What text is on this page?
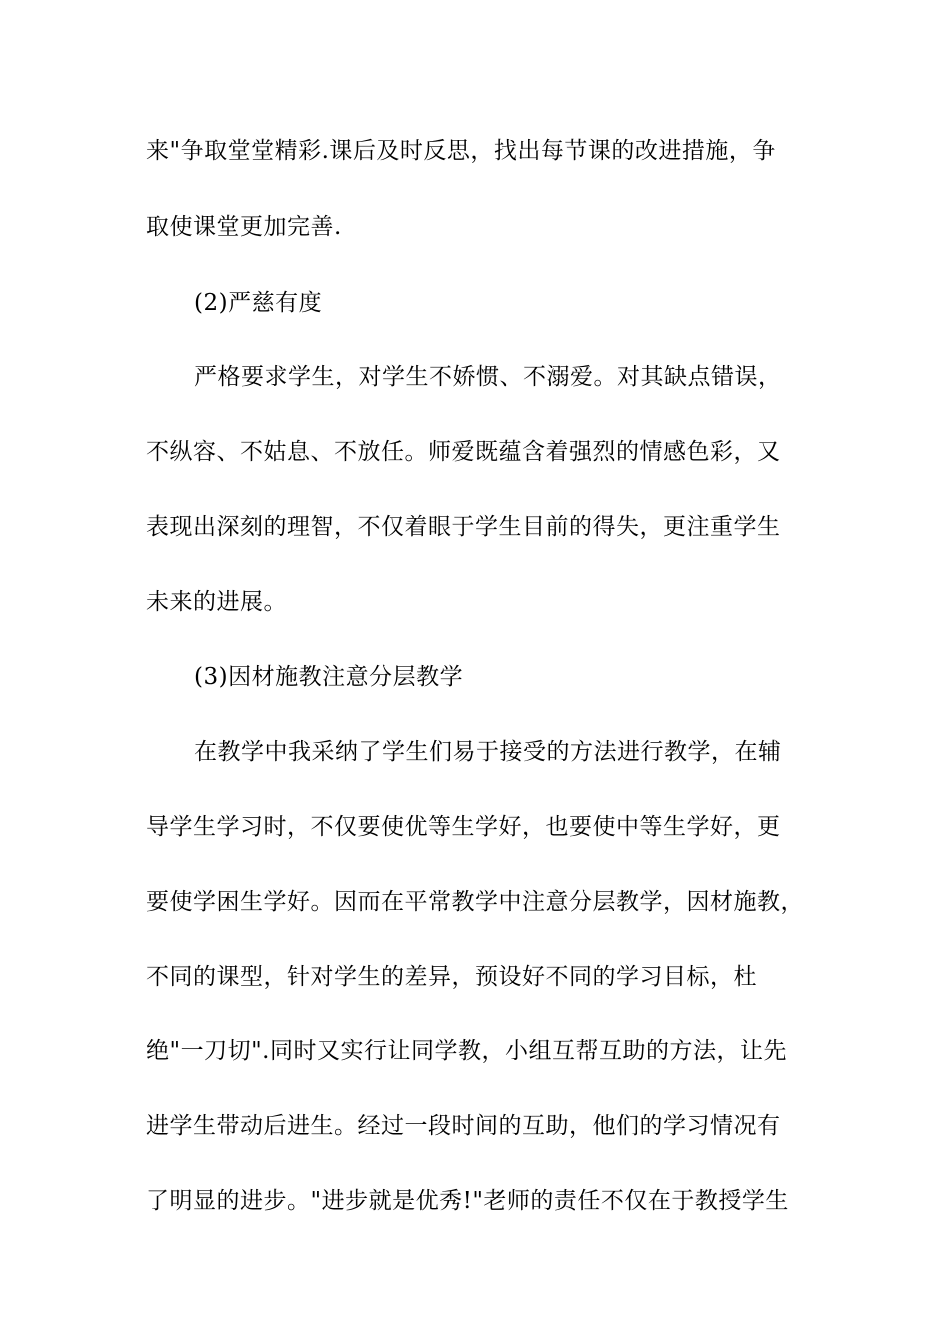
来"争取堂堂精彩.课后及时反思，找出每节课的改进措施，争
取使课堂更加完善.
(2)严慈有度
严格要求学生，对学生不娇惯、不溺爱。对其缺点错误，
不纵容、不姑息、不放任。师爱既蕴含着强烈的情感色彩，又
表现出深刻的理智，不仅着眼于学生目前的得失，更注重学生
未来的进展。
(3)因材施教注意分层教学
在教学中我采纳了学生们易于接受的方法进行教学，在辅
导学生学习时，不仅要使优等生学好，也要使中等生学好，更
要使学困生学好。因而在平常教学中注意分层教学，因材施教，
不同的课型，针对学生的差异，预设好不同的学习目标，杜
绝"一刀切".同时又实行让同学教，小组互帮互助的方法，让先
进学生带动后进生。经过一段时间的互助，他们的学习情况有
了明显的进步。"进步就是优秀!"老师的责任不仅在于教授学生
